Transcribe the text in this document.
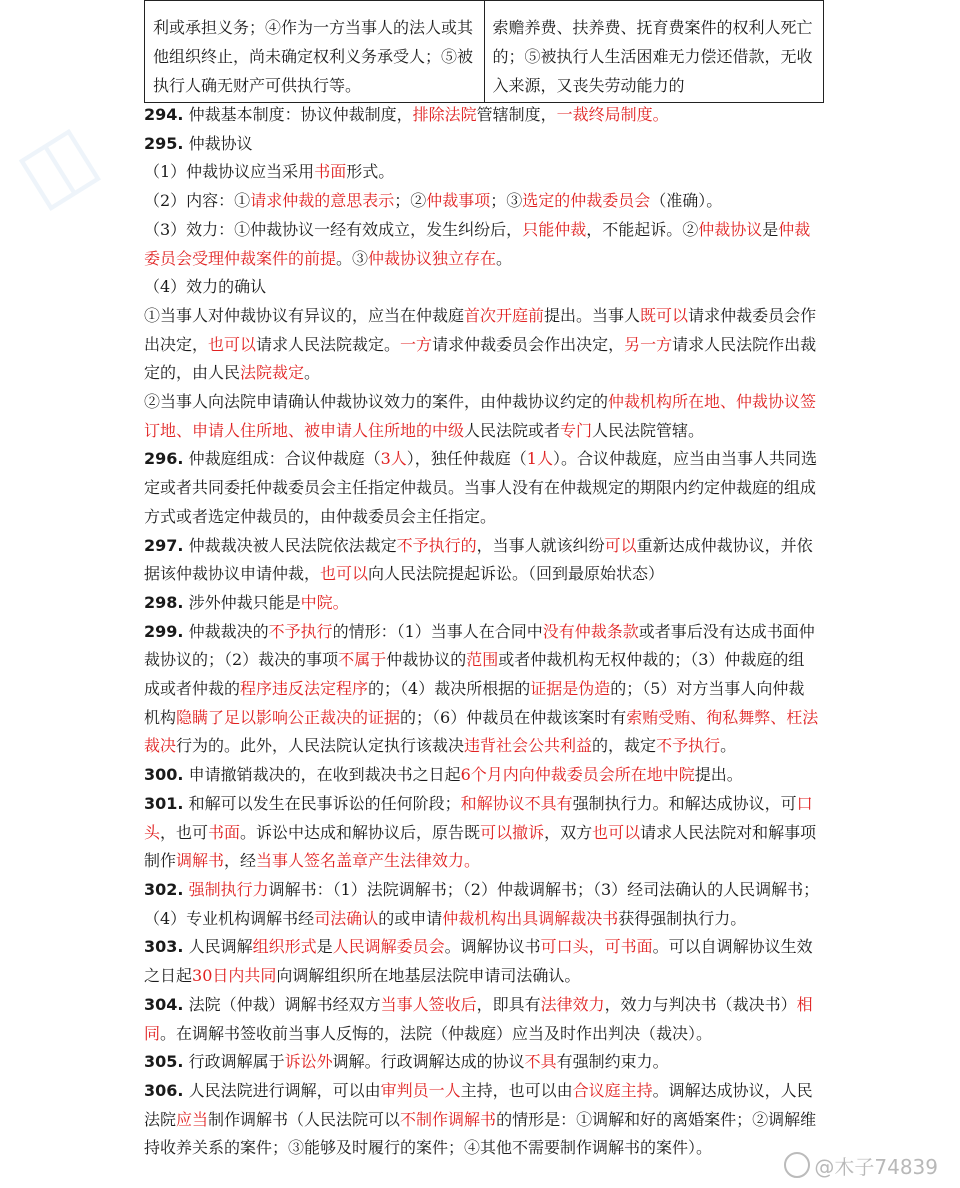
◫
利或承担义务；④作为一方当事人的法人或其他组织终止，尚未确定权利义务承受人；⑤被执行人确无财产可供执行等。	索赡养费、扶养费、抚育费案件的权利人死亡的；⑤被执行人生活困难无力偿还借款，无收入来源，又丧失劳动能力的

294. 仲裁基本制度：协议仲裁制度，排除法院管辖制度，一裁终局制度。

295. 仲裁协议

（1）仲裁协议应当采用书面形式。

（2）内容：①请求仲裁的意思表示；②仲裁事项；③选定的仲裁委员会（准确）。

（3）效力：①仲裁协议一经有效成立，发生纠纷后，只能仲裁，不能起诉。②仲裁协议是仲裁委员会受理仲裁案件的前提。③仲裁协议独立存在。

（4）效力的确认

①当事人对仲裁协议有异议的，应当在仲裁庭首次开庭前提出。当事人既可以请求仲裁委员会作出决定，也可以请求人民法院裁定。一方请求仲裁委员会作出决定，另一方请求人民法院作出裁定的，由人民法院裁定。

②当事人向法院申请确认仲裁协议效力的案件，由仲裁协议约定的仲裁机构所在地、仲裁协议签订地、申请人住所地、被申请人住所地的中级人民法院或者专门人民法院管辖。

296. 仲裁庭组成：合议仲裁庭（3人），独任仲裁庭（1人）。合议仲裁庭，应当由当事人共同选定或者共同委托仲裁委员会主任指定仲裁员。当事人没有在仲裁规定的期限内约定仲裁庭的组成方式或者选定仲裁员的，由仲裁委员会主任指定。

297. 仲裁裁决被人民法院依法裁定不予执行的，当事人就该纠纷可以重新达成仲裁协议，并依据该仲裁协议申请仲裁，也可以向人民法院提起诉讼。（回到最原始状态）

298. 涉外仲裁只能是中院。

299. 仲裁裁决的不予执行的情形：（1）当事人在合同中没有仲裁条款或者事后没有达成书面仲裁协议的；（2）裁决的事项不属于仲裁协议的范围或者仲裁机构无权仲裁的；（3）仲裁庭的组成或者仲裁的程序违反法定程序的；（4）裁决所根据的证据是伪造的；（5）对方当事人向仲裁机构隐瞒了足以影响公正裁决的证据的；（6）仲裁员在仲裁该案时有索贿受贿、徇私舞弊、枉法裁决行为的。此外，人民法院认定执行该裁决违背社会公共利益的，裁定不予执行。

300. 申请撤销裁决的，在收到裁决书之日起6个月内向仲裁委员会所在地中院提出。

301. 和解可以发生在民事诉讼的任何阶段；和解协议不具有强制执行力。和解达成协议，可口头，也可书面。诉讼中达成和解协议后，原告既可以撤诉，双方也可以请求人民法院对和解事项制作调解书，经当事人签名盖章产生法律效力。

302. 强制执行力调解书：（1）法院调解书；（2）仲裁调解书；（3）经司法确认的人民调解书；（4）专业机构调解书经司法确认的或申请仲裁机构出具调解裁决书获得强制执行力。

303. 人民调解组织形式是人民调解委员会。调解协议书可口头，可书面。可以自调解协议生效之日起30日内共同向调解组织所在地基层法院申请司法确认。

304. 法院（仲裁）调解书经双方当事人签收后，即具有法律效力，效力与判决书（裁决书）相同。在调解书签收前当事人反悔的，法院（仲裁庭）应当及时作出判决（裁决）。

305. 行政调解属于诉讼外调解。行政调解达成的协议不具有强制约束力。

306. 人民法院进行调解，可以由审判员一人主持，也可以由合议庭主持。调解达成协议，人民法院应当制作调解书（人民法院可以不制作调解书的情形是：①调解和好的离婚案件；②调解维持收养关系的案件；③能够及时履行的案件；④其他不需要制作调解书的案件）。

@木子74839
